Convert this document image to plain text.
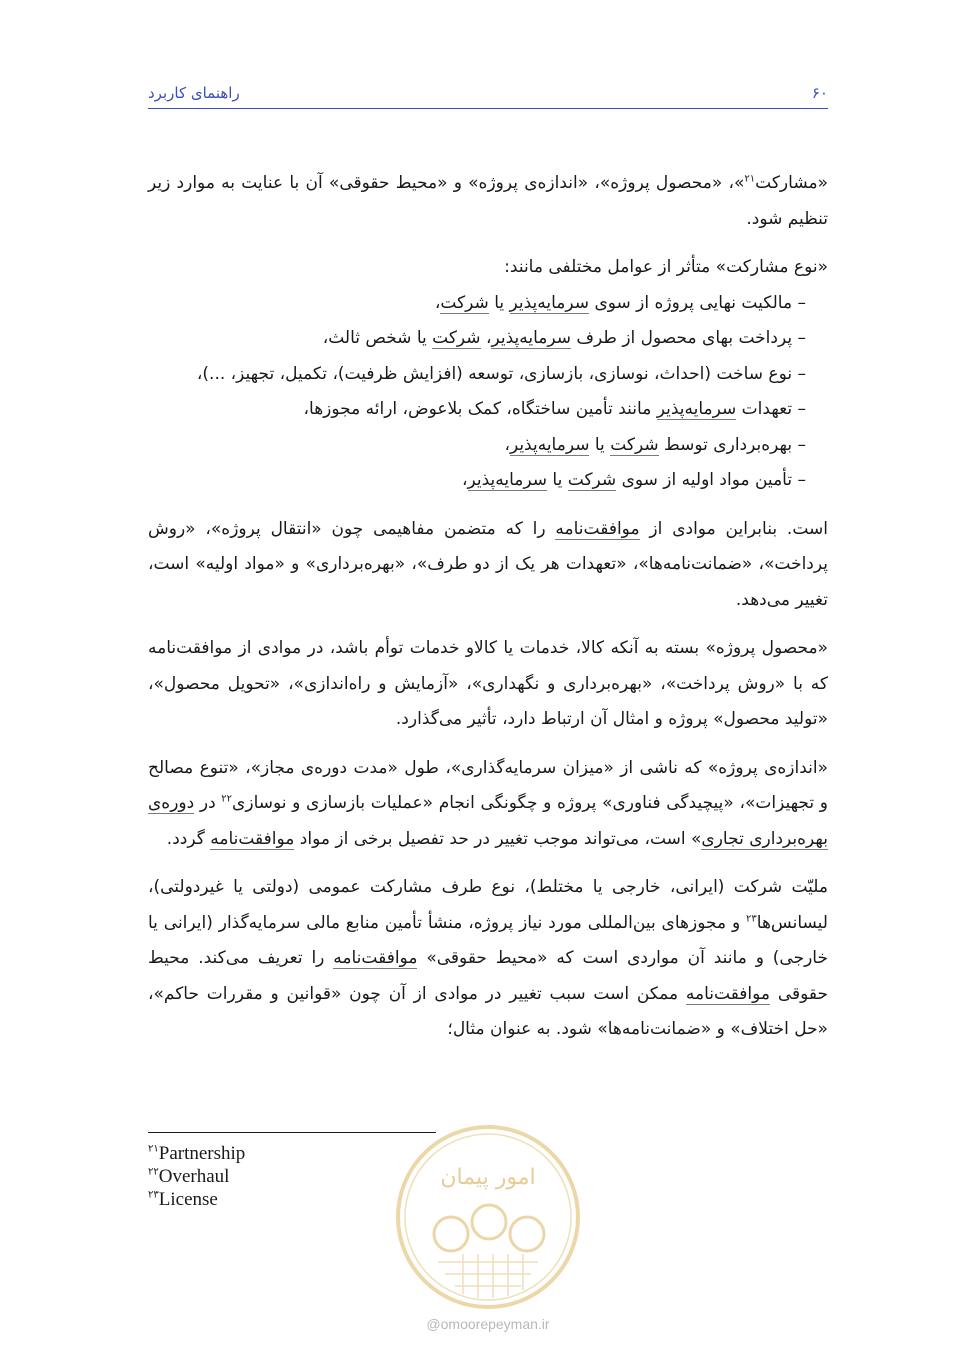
راهنمای کاربرد	۶۰

«مشارکت$^{۲۱}$»، «محصول پروژه»، «اندازه‌ی پروژه» و «محیط حقوقی» آن با عنایت به موارد زیر تنظیم شود.

«نوع مشارکت» متأثر از عوامل مختلفی مانند:

– مالکیت نهایی پروژه از سوی سرمایه‌پذیر یا شرکت،
– پرداخت بهای محصول از طرف سرمایه‌پذیر، شرکت یا شخص ثالث،
– نوع ساخت (احداث، نوسازی، بازسازی، توسعه (افزایش ظرفیت)، تکمیل، تجهیز، ...)،
– تعهدات سرمایه‌پذیر مانند تأمین ساختگاه، کمک بلاعوض، ارائه مجوزها،
– بهره‌برداری توسط شرکت یا سرمایه‌پذیر،
– تأمین مواد اولیه از سوی شرکت یا سرمایه‌پذیر،

است. بنابراین موادی از موافقت‌نامه را که متضمن مفاهیمی چون «انتقال پروژه»، «روش پرداخت»، «ضمانت‌نامه‌ها»، «تعهدات هر یک از دو طرف»، «بهره‌برداری» و «مواد اولیه» است، تغییر می‌دهد.

«محصول پروژه» بسته به آنکه کالا، خدمات یا کالاو خدمات توأم باشد، در موادی از موافقت‌نامه که با «روش پرداخت»، «بهره‌برداری و نگهداری»، «آزمایش و راه‌اندازی»، «تحویل محصول»، «تولید محصول» پروژه و امثال آن ارتباط دارد، تأثیر می‌گذارد.

«اندازه‌ی پروژه» که ناشی از «میزان سرمایه‌گذاری»، طول «مدت دوره‌ی مجاز»، «تنوع مصالح و تجهیزات»، «پیچیدگی فناوری» پروژه و چگونگی انجام «عملیات بازسازی و نوسازی$^{۲۲}$ در دوره‌ی بهره‌برداری تجاری» است، می‌تواند موجب تغییر در حد تفصیل برخی از مواد موافقت‌نامه گردد.

ملیّت شرکت (ایرانی، خارجی یا مختلط)، نوع طرف مشارکت عمومی (دولتی یا غیردولتی)، لیسانس‌ها$^{۲۳}$ و مجوزهای بین‌المللی مورد نیاز پروژه، منشأ تأمین منابع مالی سرمایه‌گذار (ایرانی یا خارجی) و مانند آن مواردی است که «محیط حقوقی» موافقت‌نامه را تعریف می‌کند. محیط حقوقی موافقت‌نامه ممکن است سبب تغییر در موادی از آن چون «قوانین و مقررات حاکم»، «حل اختلاف» و «ضمانت‌نامه‌ها» شود. به عنوان مثال؛

$^{۲۱}$Partnership
$^{۲۲}$Overhaul
$^{۲۳}$License
امور پیمان
@omoorepeyman.ir
